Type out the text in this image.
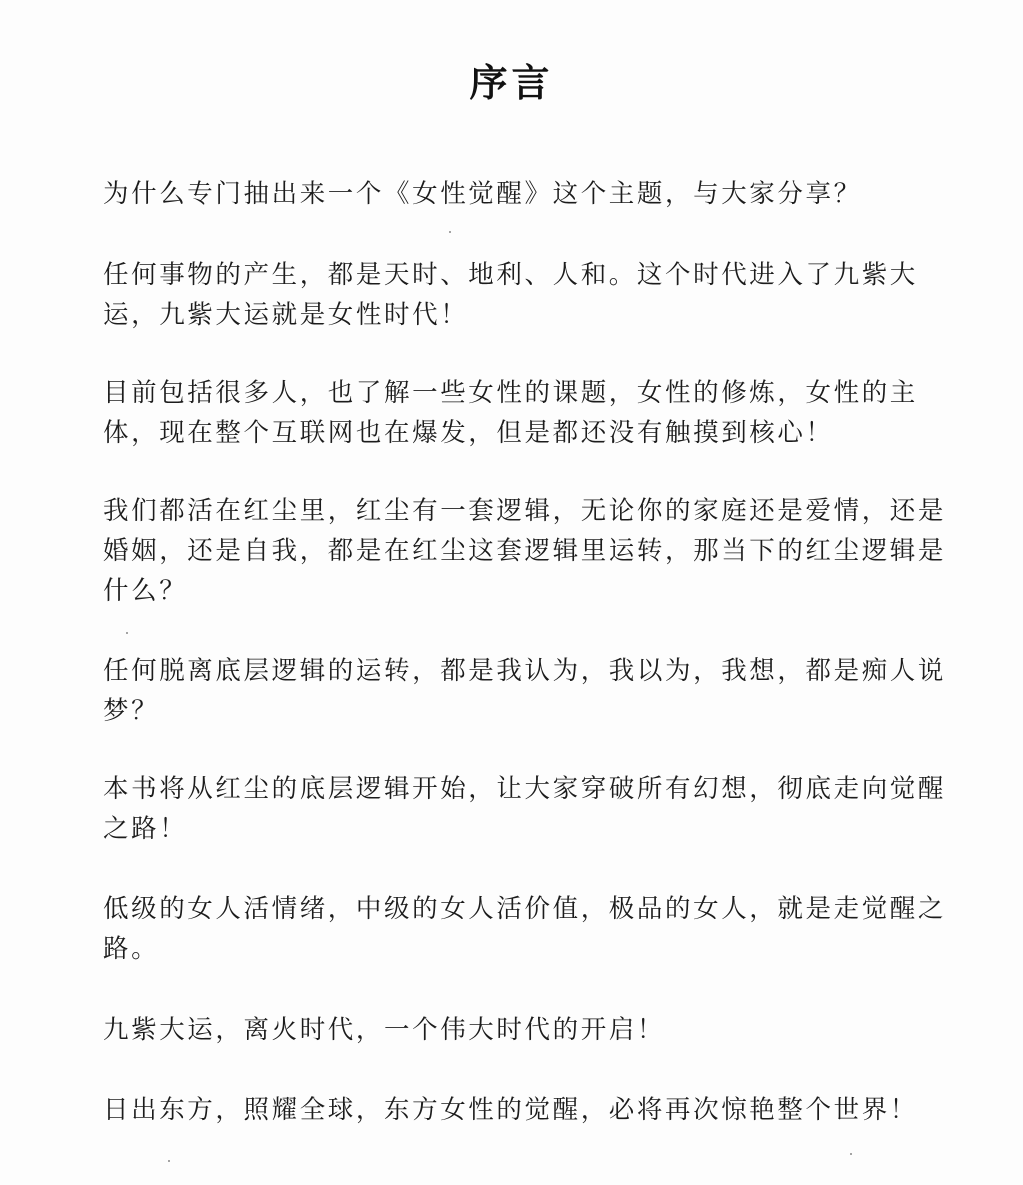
序言

为什么专门抽出来一个《女性觉醒》这个主题，与大家分享？

任何事物的产生，都是天时、地利、人和。这个时代进入了九紫大运，九紫大运就是女性时代！

目前包括很多人，也了解一些女性的课题，女性的修炼，女性的主体，现在整个互联网也在爆发，但是都还没有触摸到核心！

我们都活在红尘里，红尘有一套逻辑，无论你的家庭还是爱情，还是婚姻，还是自我，都是在红尘这套逻辑里运转，那当下的红尘逻辑是什么？

任何脱离底层逻辑的运转，都是我认为，我以为，我想，都是痴人说梦？

本书将从红尘的底层逻辑开始，让大家穿破所有幻想，彻底走向觉醒之路！

低级的女人活情绪，中级的女人活价值，极品的女人，就是走觉醒之路。

九紫大运，离火时代，一个伟大时代的开启！

日出东方，照耀全球，东方女性的觉醒，必将再次惊艳整个世界！
